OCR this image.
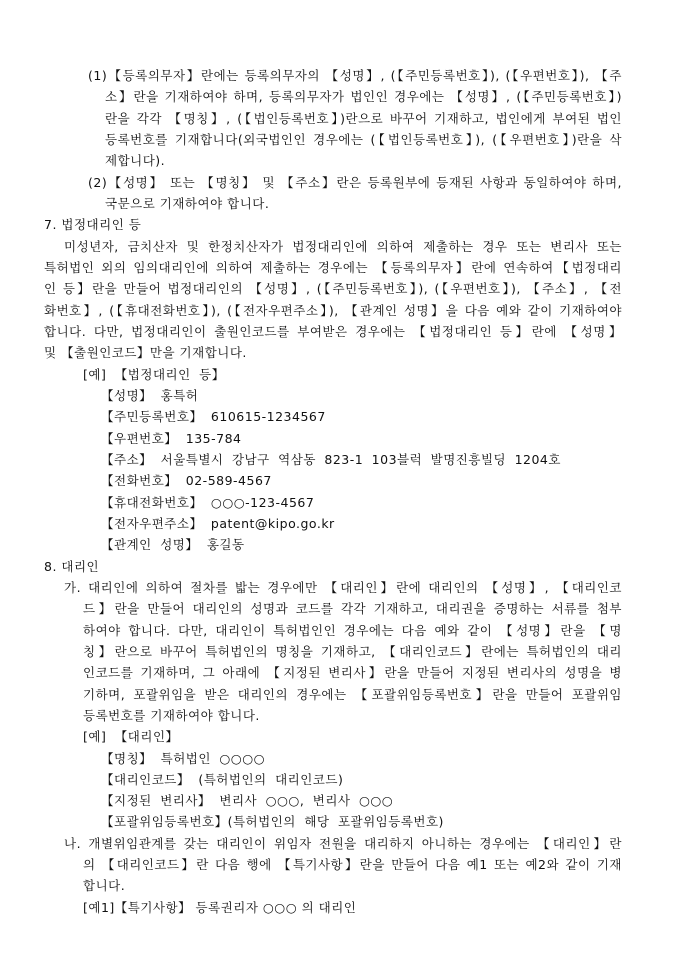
(1)【등록의무자】란에는 등록의무자의 【성명】, (【주민등록번호】), (【우편번호】), 【주
소】란을 기재하여야 하며, 등록의무자가 법인인 경우에는 【성명】, (【주민등록번호】)
란을 각각 【명칭】, (【법인등록번호】)란으로 바꾸어 기재하고, 법인에게 부여된 법인
등록번호를 기재합니다(외국법인인 경우에는 (【법인등록번호】), (【우편번호】)란을 삭
제합니다).
(2)【성명】 또는 【명칭】 및 【주소】란은 등록원부에 등재된 사항과 동일하여야 하며,
국문으로 기재하여야 합니다.
7. 법정대리인 등
미성년자, 금치산자 및 한정치산자가 법정대리인에 의하여 제출하는 경우 또는 변리사 또는
특허법인 외의 임의대리인에 의하여 제출하는 경우에는 【등록의무자】란에 연속하여【법정대리
인 등】란을 만들어 법정대리인의 【성명】, (【주민등록번호】), (【우편번호】), 【주소】, 【전
화번호】, (【휴대전화번호】), (【전자우편주소】), 【관계인 성명】을 다음 예와 같이 기재하여야
합니다. 다만, 법정대리인이 출원인코드를 부여받은 경우에는 【법정대리인 등】란에 【성명】
및 【출원인코드】만을 기재합니다.
[예] 【법정대리인 등】
【성명】 홍특허
【주민등록번호】 610615-1234567
【우편번호】 135-784
【주소】 서울특별시 강남구 역삼동 823-1 103블럭 발명진흥빌딩 1204호
【전화번호】 02-589-4567
【휴대전화번호】 ○○○-123-4567
【전자우편주소】 patent@kipo.go.kr
【관계인 성명】 홍길동
8. 대리인
가. 대리인에 의하여 절차를 밟는 경우에만 【대리인】란에 대리인의 【성명】, 【대리인코
드】란을 만들어 대리인의 성명과 코드를 각각 기재하고, 대리권을 증명하는 서류를 첨부
하여야 합니다. 다만, 대리인이 특허법인인 경우에는 다음 예와 같이 【성명】란을 【명
칭】란으로 바꾸어 특허법인의 명칭을 기재하고, 【대리인코드】란에는 특허법인의 대리
인코드를 기재하며, 그 아래에 【지정된 변리사】란을 만들어 지정된 변리사의 성명을 병
기하며, 포괄위임을 받은 대리인의 경우에는 【포괄위임등록번호】란을 만들어 포괄위임
등록번호를 기재하여야 합니다.
[예] 【대리인】
【명칭】 특허법인 ○○○○
【대리인코드】 (특허법인의 대리인코드)
【지정된 변리사】 변리사 ○○○, 변리사 ○○○
【포괄위임등록번호】(특허법인의 해당 포괄위임등록번호)
나. 개별위임관계를 갖는 대리인이 위임자 전원을 대리하지 아니하는 경우에는 【대리인】란
의 【대리인코드】란 다음 행에 【특기사항】란을 만들어 다음 예1 또는 예2와 같이 기재
합니다.
[예1]【특기사항】 등록권리자 ○○○ 의 대리인
